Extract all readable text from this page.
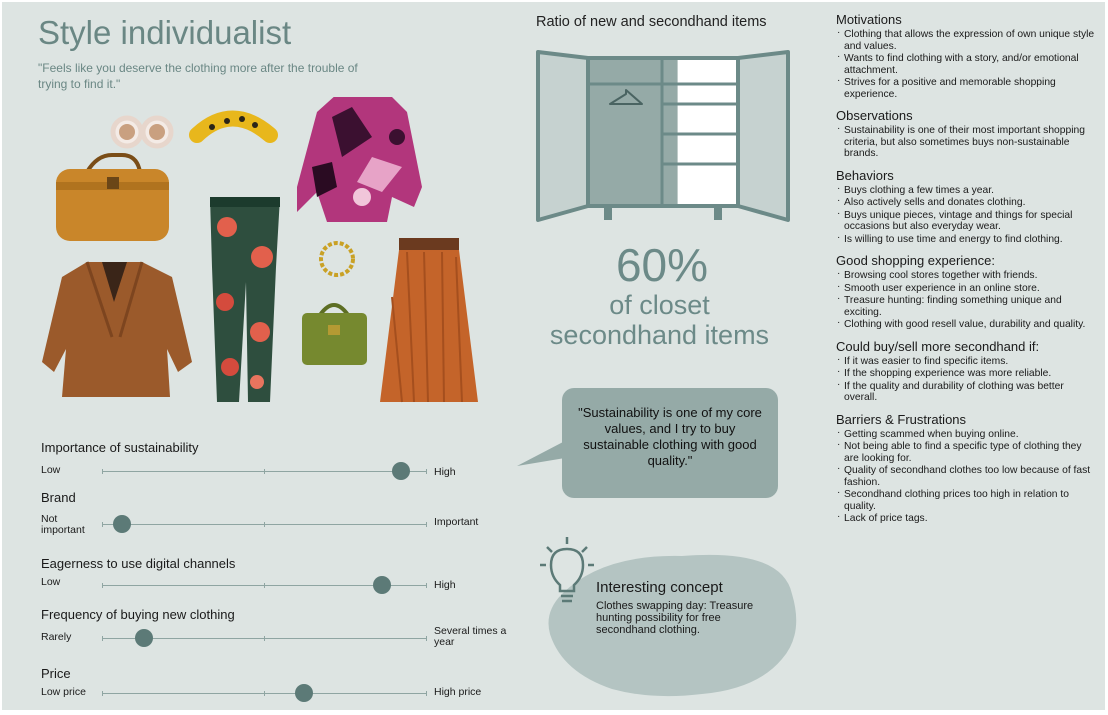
Style individualist
"Feels like you deserve the clothing more after the trouble of trying to find it."
Importance of sustainability
Low	High
Brand
Not important
Important
Eagerness to use digital channels
Low	High
Frequency of buying new clothing
Rarely	Several times a year
Price
Low price	High price
Ratio of new and secondhand items
60%
of closet secondhand items
"Sustainability is one of my core values, and I try to buy sustainable clothing with good quality."
Interesting concept
Clothes swapping day: Treasure hunting possibility for free secondhand clothing.
Motivations
· Clothing that allows the expression of own unique style and values.
· Wants to find clothing with a story, and/or emotional attachment.
· Strives for a positive and memorable shopping experience.
Observations
· Sustainability is one of their most important shopping criteria, but also sometimes buys non-sustainable brands.
Behaviors
· Buys clothing a few times a year.
· Also actively sells and donates clothing.
· Buys unique pieces, vintage and things for special occasions but also everyday wear.
· Is willing to use time and energy to find clothing.
Good shopping experience:
· Browsing cool stores together with friends.
· Smooth user experience in an online store.
· Treasure hunting: finding something unique and exciting.
· Clothing with good resell value, durability and quality.
Could buy/sell more secondhand if:
· If it was easier to find specific items.
· If the shopping experience was more reliable.
· If the quality and durability of clothing was better overall.
Barriers & Frustrations
· Getting scammed when buying online.
· Not being able to find a specific type of clothing they are looking for.
· Quality of secondhand clothes too low because of fast fashion.
· Secondhand clothing prices too high in relation to quality.
· Lack of price tags.
